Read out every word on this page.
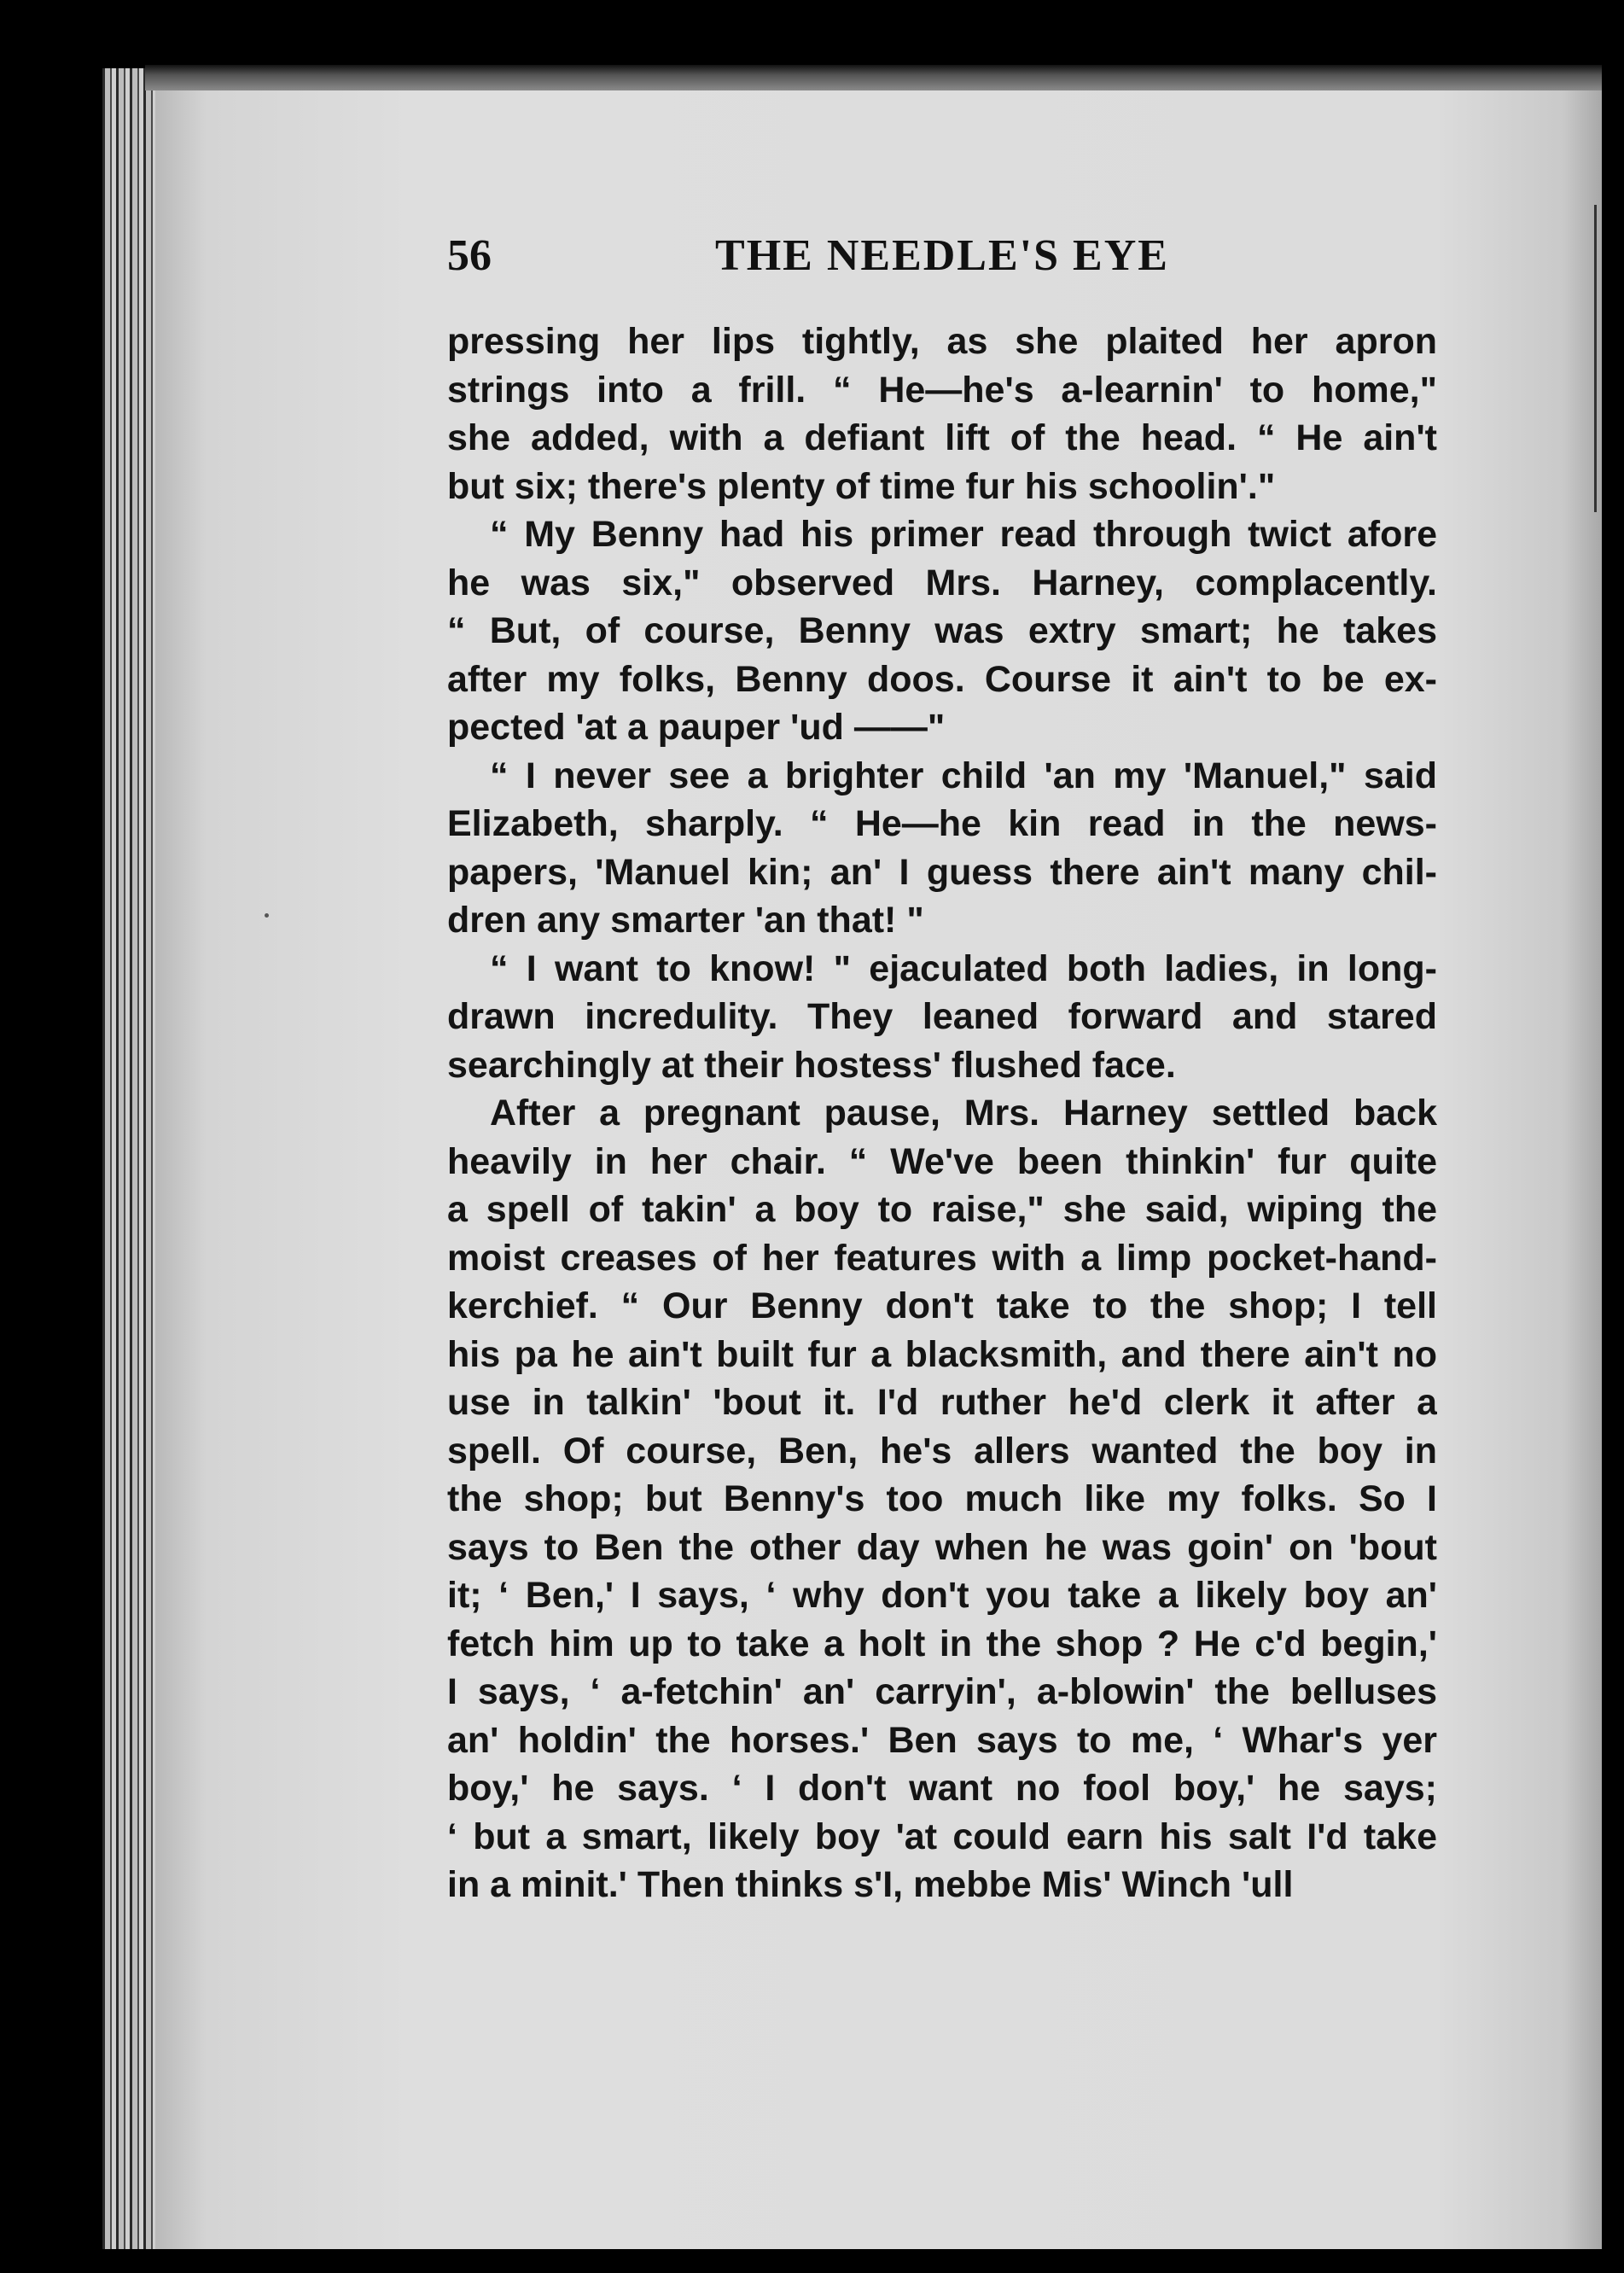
56	THE NEEDLE'S EYE
pressing her lips tightly, as she plaited her apron
strings into a frill. “ He—he's a-learnin' to home,"
she added, with a defiant lift of the head. “ He ain't
but six; there's plenty of time fur his schoolin'."
“ My Benny had his primer read through twict afore
he was six," observed Mrs. Harney, complacently.
“ But, of course, Benny was extry smart; he takes
after my folks, Benny doos. Course it ain't to be ex-
pected 'at a pauper 'ud ——"
“ I never see a brighter child 'an my 'Manuel," said
Elizabeth, sharply. “ He—he kin read in the news-
papers, 'Manuel kin; an' I guess there ain't many chil-
dren any smarter 'an that! "
“ I want to know! " ejaculated both ladies, in long-
drawn incredulity. They leaned forward and stared
searchingly at their hostess' flushed face.
After a pregnant pause, Mrs. Harney settled back
heavily in her chair. “ We've been thinkin' fur quite
a spell of takin' a boy to raise," she said, wiping the
moist creases of her features with a limp pocket-hand-
kerchief. “ Our Benny don't take to the shop; I tell
his pa he ain't built fur a blacksmith, and there ain't no
use in talkin' 'bout it. I'd ruther he'd clerk it after a
spell. Of course, Ben, he's allers wanted the boy in
the shop; but Benny's too much like my folks. So I
says to Ben the other day when he was goin' on 'bout
it; ‘ Ben,' I says, ‘ why don't you take a likely boy an'
fetch him up to take a holt in the shop ? He c'd begin,'
I says, ‘ a-fetchin' an' carryin', a-blowin' the belluses
an' holdin' the horses.' Ben says to me, ‘ Whar's yer
boy,' he says. ‘ I don't want no fool boy,' he says;
‘ but a smart, likely boy 'at could earn his salt I'd take
in a minit.' Then thinks s'I, mebbe Mis' Winch 'ull
